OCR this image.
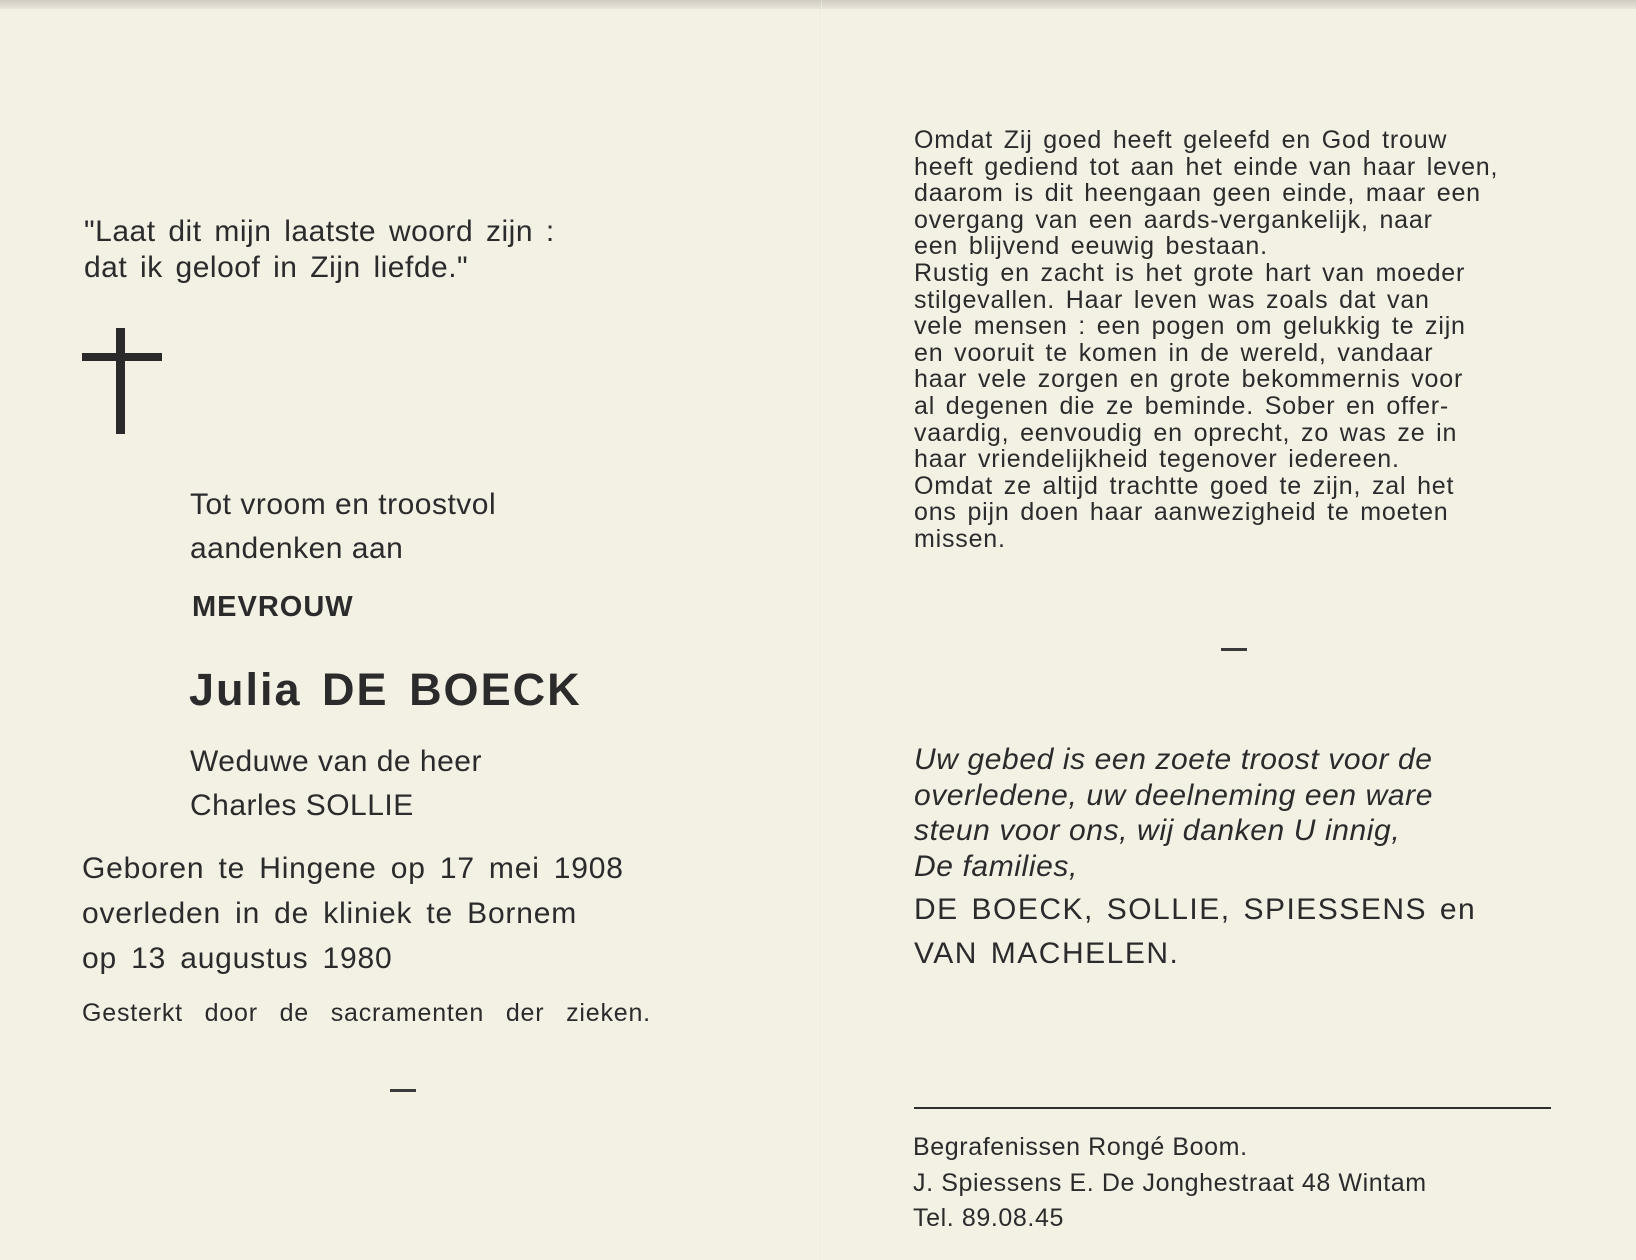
"Laat dit mijn laatste woord zijn :
dat ik geloof in Zijn liefde."
Tot vroom en troostvol
aandenken aan
MEVROUW
Julia DE BOECK
Weduwe van de heer
Charles SOLLIE
Geboren te Hingene op 17 mei 1908
overleden in de kliniek te Bornem
op 13 augustus 1980
Gesterkt door de sacramenten der zieken.
Omdat Zij goed heeft geleefd en God trouw
heeft gediend tot aan het einde van haar leven,
daarom is dit heengaan geen einde, maar een
overgang van een aards-vergankelijk, naar
een blijvend eeuwig bestaan.
Rustig en zacht is het grote hart van moeder
stilgevallen. Haar leven was zoals dat van
vele mensen : een pogen om gelukkig te zijn
en vooruit te komen in de wereld, vandaar
haar vele zorgen en grote bekommernis voor
al degenen die ze beminde. Sober en offer-
vaardig, eenvoudig en oprecht, zo was ze in
haar vriendelijkheid tegenover iedereen.
Omdat ze altijd trachtte goed te zijn, zal het
ons pijn doen haar aanwezigheid te moeten
missen.
Uw gebed is een zoete troost voor de
overledene, uw deelneming een ware
steun voor ons, wij danken U innig,
De families,
DE BOECK, SOLLIE, SPIESSENS en
VAN MACHELEN.
Begrafenissen Rongé Boom.
J. Spiessens E. De Jonghestraat 48 Wintam
Tel. 89.08.45
